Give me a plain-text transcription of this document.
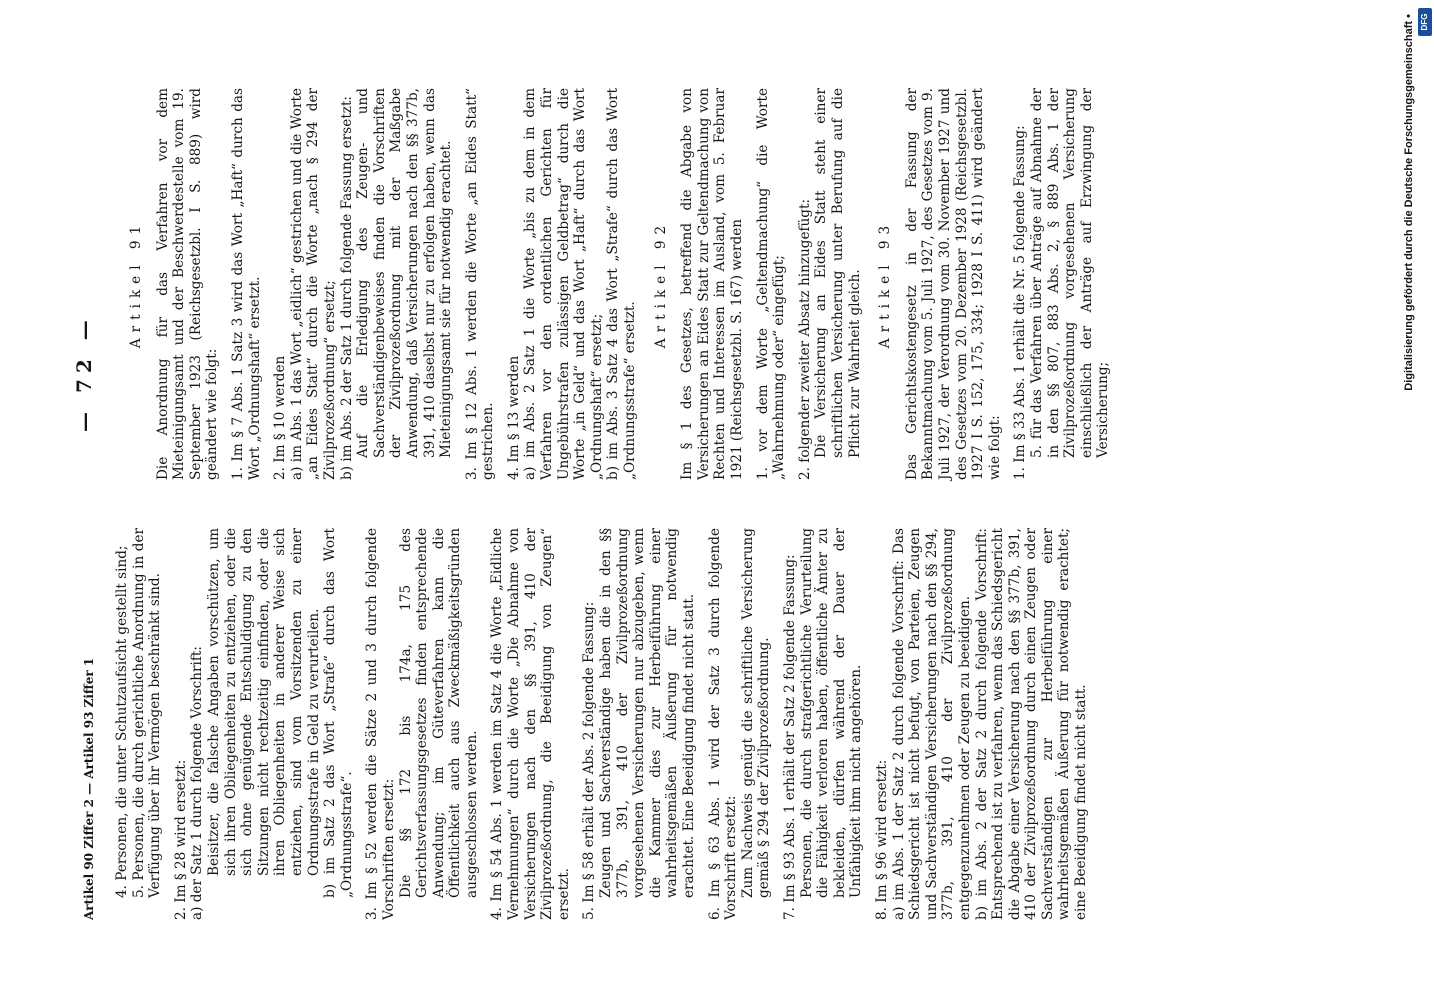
Artikel 90 Ziffer 2 — Artikel 93 Ziffer 1
— 72 —

4. Personen, die unter Schutzaufsicht gestellt sind; 5. Personen, die durch gerichtliche Anordnung in der Verfügung über ihr Vermögen beschränkt sind. 2. Im § 28 wird ersetzt: a) der Satz 1 durch folgende Vorschrift: Beisitzer, die falsche Angaben vorschützen, um sich ihren Obliegenheiten zu entziehen, oder die sich ohne genügende Entschuldigung zu den Sitzungen nicht rechtzeitig einfinden, oder die ihren Obliegenheiten in anderer Weise sich entziehen, sind vom Vorsitzenden zu einer Ordnungsstrafe in Geld zu verurteilen. b) im Satz 2 das Wort „Strafe“ durch das Wort „Ordnungsstrafe“. 3. Im § 52 werden die Sätze 2 und 3 durch folgende Vorschriften ersetzt: Die §§ 172 bis 174a, 175 des Gerichtsverfassungsgesetzes finden entsprechende Anwendung; im Güteverfahren kann die Öffentlichkeit auch aus Zweckmäßigkeitsgründen ausgeschlossen werden. 4. Im § 54 Abs. 1 werden im Satz 4 die Worte „Eidliche Vernehmungen“ durch die Worte „Die Abnahme von Versicherungen nach den §§ 391, 410 der Zivilprozeßordnung, die Beeidigung von Zeugen“ ersetzt. 5. Im § 58 erhält der Abs. 2 folgende Fassung: Zeugen und Sachverständige haben die in den §§ 377b, 391, 410 der Zivilprozeßordnung vorgesehenen Versicherungen nur abzugeben, wenn die Kammer dies zur Herbeiführung einer wahrheitsgemäßen Äußerung für notwendig erachtet. Eine Beeidigung findet nicht statt. 6. Im § 63 Abs. 1 wird der Satz 3 durch folgende Vorschrift ersetzt: Zum Nachweis genügt die schriftliche Versicherung gemäß § 294 der Zivilprozeßordnung. 7. Im § 93 Abs. 1 erhält der Satz 2 folgende Fassung: Personen, die durch strafgerichtliche Verurteilung die Fähigkeit verloren haben, öffentliche Ämter zu bekleiden, dürfen während der Dauer der Unfähigkeit ihm nicht angehören. 8. Im § 96 wird ersetzt: a) im Abs. 1 der Satz 2 durch folgende Vorschrift: Das Schiedsgericht ist nicht befugt, von Parteien, Zeugen und Sachverständigen Versicherungen nach den §§ 294, 377b, 391, 410 der Zivilprozeßordnung entgegenzunehmen oder Zeugen zu beeidigen. b) im Abs. 2 der Satz 2 durch folgende Vorschrift: Entsprechend ist zu verfahren, wenn das Schiedsgericht die Abgabe einer Versicherung nach den §§ 377b, 391, 410 der Zivilprozeßordnung durch einen Zeugen oder Sachverständigen zur Herbeiführung einer wahrheitsgemäßen Äußerung für notwendig erachtet; eine Beeidigung findet nicht statt.

Artikel 91 Die Anordnung für das Verfahren vor dem Mieteinigungsamt und der Beschwerdestelle vom 19. September 1923 (Reichsgesetzbl. I S. 889) wird geändert wie folgt: 1. Im § 7 Abs. 1 Satz 3 wird das Wort „Haft“ durch das Wort „Ordnungshaft“ ersetzt. 2. Im § 10 werden a) im Abs. 1 das Wort „eidlich“ gestrichen und die Worte „an Eides Statt“ durch die Worte „nach § 294 der Zivilprozeßordnung“ ersetzt; b) im Abs. 2 der Satz 1 durch folgende Fassung ersetzt: Auf die Erledigung des Zeugen- und Sachverständigenbeweises finden die Vorschriften der Zivilprozeßordnung mit der Maßgabe Anwendung, daß Versicherungen nach den §§ 377b, 391, 410 daselbst nur zu erfolgen haben, wenn das Mieteinigungsamt sie für notwendig erachtet. 3. Im § 12 Abs. 1 werden die Worte „an Eides Statt“ gestrichen. 4. Im § 13 werden a) im Abs. 2 Satz 1 die Worte „bis zu dem in dem Verfahren vor den ordentlichen Gerichten für Ungebührstrafen zulässigen Geldbetrag“ durch die Worte „in Geld“ und das Wort „Haft“ durch das Wort „Ordnungshaft“ ersetzt; b) im Abs. 3 Satz 4 das Wort „Strafe“ durch das Wort „Ordnungsstrafe“ ersetzt.

Artikel 92 Im § 1 des Gesetzes, betreffend die Abgabe von Versicherungen an Eides Statt zur Geltendmachung von Rechten und Interessen im Ausland, vom 5. Februar 1921 (Reichsgesetzbl. S. 167) werden 1. vor dem Worte „Geltendmachung“ die Worte „Wahrnehmung oder“ eingefügt; 2. folgender zweiter Absatz hinzugefügt: Die Versicherung an Eides Statt steht einer schriftlichen Versicherung unter Berufung auf die Pflicht zur Wahrheit gleich. Artikel 93 Das Gerichtskostengesetz in der Fassung der Bekanntmachung vom 5. Juli 1927, des Gesetzes vom 9. Juli 1927, der Verordnung vom 30. November 1927 und des Gesetzes vom 20. Dezember 1928 (Reichsgesetzbl. 1927 I S. 152, 175, 334; 1928 I S. 411) wird geändert wie folgt: 1. Im § 33 Abs. 1 erhält die Nr. 5 folgende Fassung: 5. für das Verfahren über Anträge auf Abnahme der in den §§ 807, 883 Abs. 2, § 889 Abs. 1 der Zivilprozeßordnung vorgesehenen Versicherung einschließlich der Anträge auf Erzwingung der Versicherung;

Digitalisierung gefördert durch die Deutsche Forschungsgemeinschaft • DFG
